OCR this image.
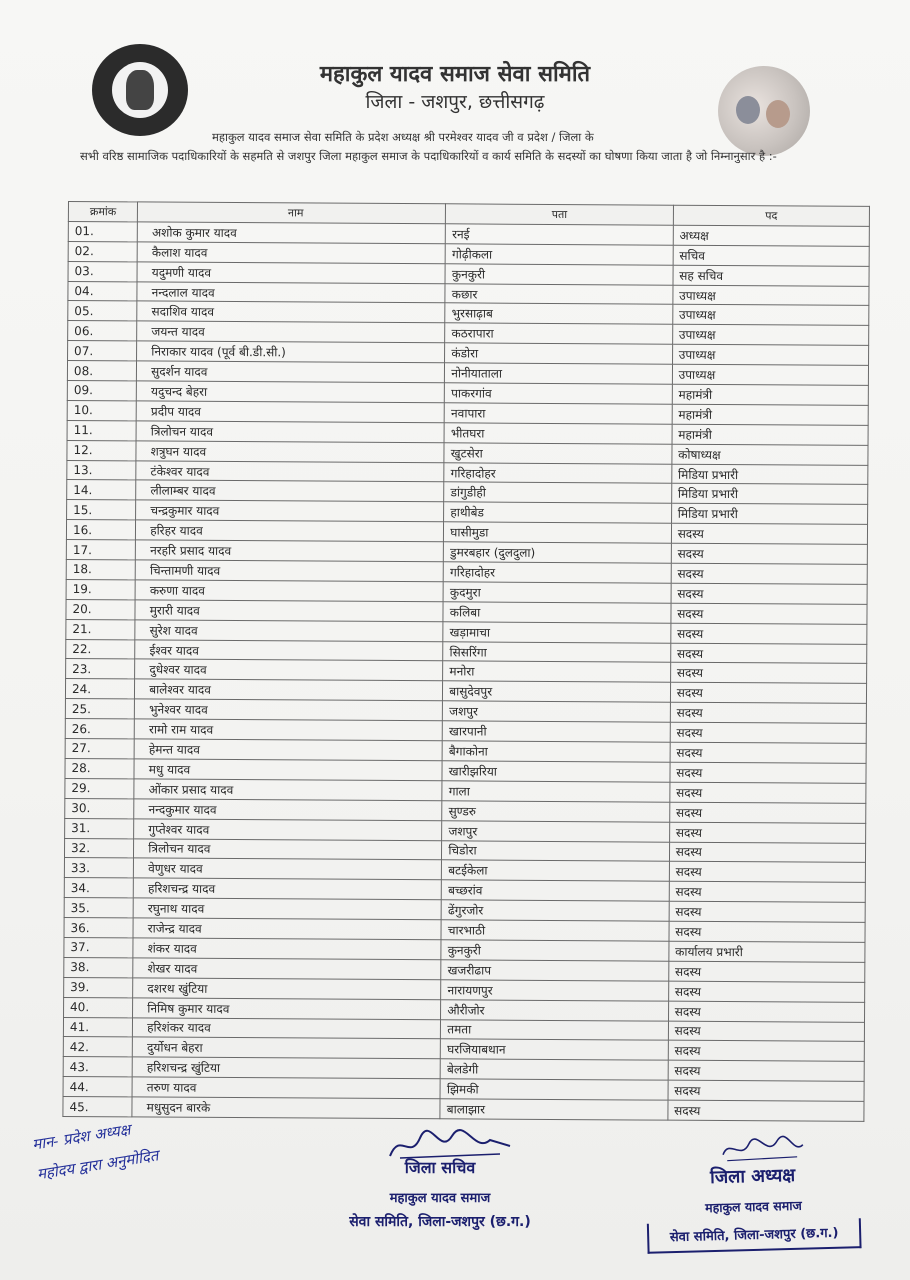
महाकुल यादव समाज सेवा समिति
जिला - जशपुर, छत्तीसगढ़
महाकुल यादव समाज सेवा समिति के प्रदेश अध्यक्ष श्री परमेश्वर यादव जी व प्रदेश / जिला के
सभी वरिष्ठ सामाजिक पदाधिकारियों के सहमति से जशपुर जिला महाकुल समाज के पदाधिकारियों व कार्य समिति के सदस्यों का घोषणा किया जाता है जो निम्नानुसार है :-
क्रमांक	नाम	पता	पद
01.	अशोक कुमार यादव	रनई	अध्यक्ष
02.	कैलाश यादव	गोढ़ीकला	सचिव
03.	यदुमणी यादव	कुनकुरी	सह सचिव
04.	नन्दलाल यादव	कछार	उपाध्यक्ष
05.	सदाशिव यादव	भुरसाढ़ाब	उपाध्यक्ष
06.	जयन्त यादव	कठरापारा	उपाध्यक्ष
07.	निराकार यादव (पूर्व बी.डी.सी.)	कंडोरा	उपाध्यक्ष
08.	सुदर्शन यादव	नोनीयाताला	उपाध्यक्ष
09.	यदुचन्द बेहरा	पाकरगांव	महामंत्री
10.	प्रदीप यादव	नवापारा	महामंत्री
11.	त्रिलोचन यादव	भीतघरा	महामंत्री
12.	शत्रुघन यादव	खुटसेरा	कोषाध्यक्ष
13.	टंकेश्वर यादव	गरिहादोहर	मिडिया प्रभारी
14.	लीलाम्बर यादव	डांगुडीही	मिडिया प्रभारी
15.	चन्द्रकुमार यादव	हाथीबेड	मिडिया प्रभारी
16.	हरिहर यादव	घासीमुडा	सदस्य
17.	नरहरि प्रसाद यादव	डुमरबहार (दुलदुला)	सदस्य
18.	चिन्तामणी यादव	गरिहादोहर	सदस्य
19.	करुणा यादव	कुदमुरा	सदस्य
20.	मुरारी यादव	कलिबा	सदस्य
21.	सुरेश यादव	खड़ामाचा	सदस्य
22.	ईश्वर यादव	सिसरिंगा	सदस्य
23.	दुधेश्वर यादव	मनोरा	सदस्य
24.	बालेश्वर यादव	बासुदेवपुर	सदस्य
25.	भुनेश्वर यादव	जशपुर	सदस्य
26.	रामो राम यादव	खारपानी	सदस्य
27.	हेमन्त यादव	बैगाकोना	सदस्य
28.	मधु यादव	खारीझरिया	सदस्य
29.	ओंकार प्रसाद यादव	गाला	सदस्य
30.	नन्दकुमार यादव	सुण्डरु	सदस्य
31.	गुप्तेश्वर यादव	जशपुर	सदस्य
32.	त्रिलोचन यादव	चिडोरा	सदस्य
33.	वेणुधर यादव	बटईकेला	सदस्य
34.	हरिशचन्द्र यादव	बच्छरांव	सदस्य
35.	रघुनाथ यादव	ढेंगुरजोर	सदस्य
36.	राजेन्द्र यादव	चारभाठी	सदस्य
37.	शंकर यादव	कुनकुरी	कार्यालय प्रभारी
38.	शेखर यादव	खजरीढाप	सदस्य
39.	दशरथ खुंटिया	नारायणपुर	सदस्य
40.	निमिष कुमार यादव	औरीजोर	सदस्य
41.	हरिशंकर यादव	तमता	सदस्य
42.	दुर्योधन बेहरा	घरजियाबथान	सदस्य
43.	हरिशचन्द्र खुंटिया	बेलडेगी	सदस्य
44.	तरुण यादव	झिमकी	सदस्य
45.	मधुसुदन बारके	बालाझार	सदस्य
मान- प्रदेश अध्यक्ष
महोदय द्वारा अनुमोदित	जिला सचिव
महाकुल यादव समाज
सेवा समिति, जिला-जशपुर (छ.ग.)
जिला अध्यक्ष
महाकुल यादव समाज
सेवा समिति, जिला-जशपुर (छ.ग.)
